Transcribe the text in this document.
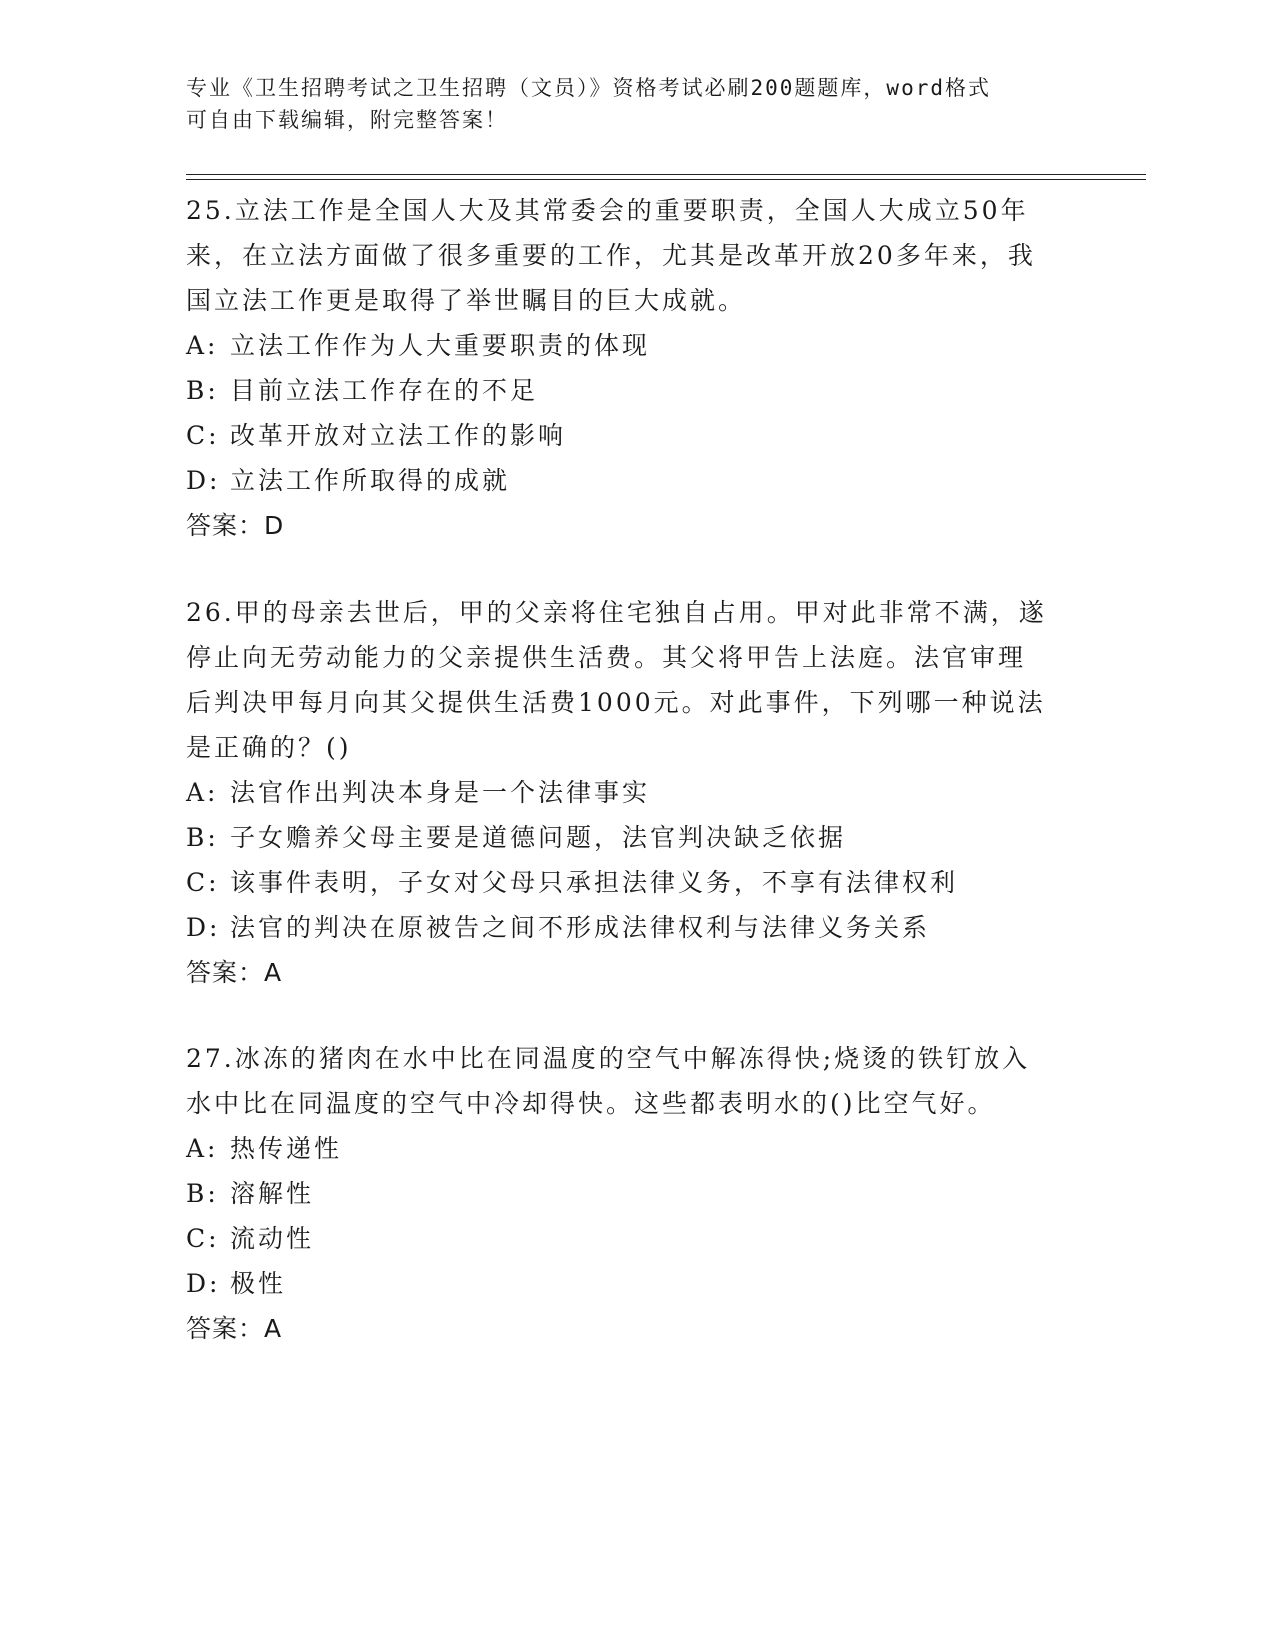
专业《卫生招聘考试之卫生招聘（文员）》资格考试必刷200题题库，word格式
可自由下载编辑，附完整答案！
25.立法工作是全国人大及其常委会的重要职责，全国人大成立50年
来，在立法方面做了很多重要的工作，尤其是改革开放20多年来，我
国立法工作更是取得了举世瞩目的巨大成就。
A: 立法工作作为人大重要职责的体现
B: 目前立法工作存在的不足
C: 改革开放对立法工作的影响
D: 立法工作所取得的成就
答案：D
26.甲的母亲去世后，甲的父亲将住宅独自占用。甲对此非常不满，遂
停止向无劳动能力的父亲提供生活费。其父将甲告上法庭。法官审理
后判决甲每月向其父提供生活费1000元。对此事件，下列哪一种说法
是正确的？()
A: 法官作出判决本身是一个法律事实
B: 子女赡养父母主要是道德问题，法官判决缺乏依据
C: 该事件表明，子女对父母只承担法律义务，不享有法律权利
D: 法官的判决在原被告之间不形成法律权利与法律义务关系
答案：A
27.冰冻的猪肉在水中比在同温度的空气中解冻得快;烧烫的铁钉放入
水中比在同温度的空气中冷却得快。这些都表明水的()比空气好。
A: 热传递性
B: 溶解性
C: 流动性
D: 极性
答案：A
